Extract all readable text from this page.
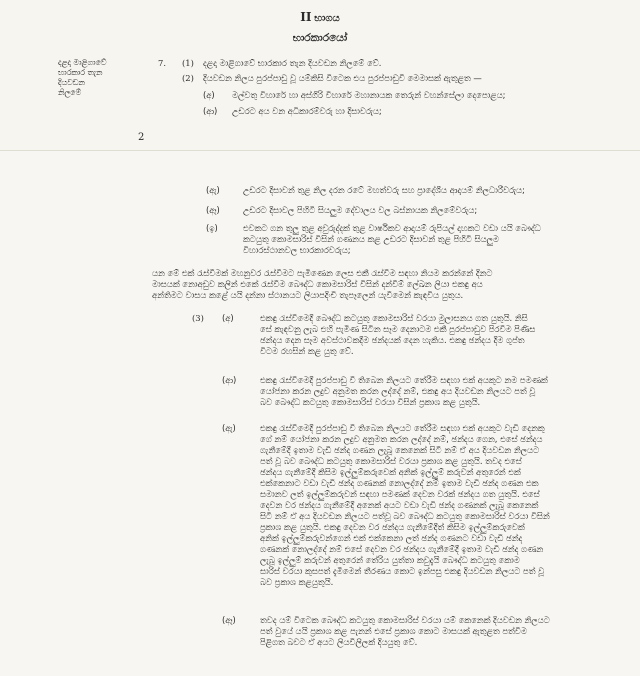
II භාගය
භාරකාරයෝ
දළදා මාළිගාවේ
භාරකාර තැන
දියවඩන
නිලමේ
7. (1) දළදා මාළිගාවේ භාරකාර තැන දියවඩන නිලමේ වේ.
(2) දියවඩන නිලය පුරප්පාඩු වූ යම්කිසි විටෙක එය පුරප්පාඩුවී මෙමාසක් ඇතුළත —
(අ) මල්වතු විහාරේ හා අස්ගිරි විහාරේ මහානායක තෙරුන් වහන්සේලා දෙපොළය;
(ආ) උඩරට අය වන අධිකාරම්වරු හා දිසාවරුය;
2
(ඇ)	උඩරට දිසාවන් තුළ නිල දරන රටේ මහත්වරු සහ ප්‍රාදේශීය ආදායම් නිලධාරීවරුය;
(ඈ)	උඩරට දිසාවල පිහිටි සියලුම දේවාලය වල බස්නායක නිලමේවරුය;
(ඉ)	එවකට ගන තුලු තුළ අවුරුද්දක් තුළ වාර්ෂිකව ආදායම් රුපියල් දාහකට වඩා යයි බෞද්ධ
කටයුතු කොමසාරිස් විසින් ගණනය කළ උඩරට දිසාවන් තුළ පිහිටි සියලුම
විහාරස්ථානවල භාරකාරවරුය;
යන මේ එක් රැස්වීමක් මහනුවර රැස්වීමට පැමිණෙන ලෙස එකී රැස්වීම සඳහා නියම කරන්නේ දිනට
මාසයක් නොඅඩුව කලින් එකේ රැස්වීම බෞද්ධ කොමසාරිස් විසින් දන්වීම් ලේඛන ලියා එකඳු අය
අන්තිමට වාසය කළේ යයි දන්නා ස්ථානයට ලියාපදිංචි තැපෑලෙන් යැවීමෙන් කැඳවිය යුතුය.
(3) (අ)	එකඳු රැස්වීමෙදී බෞද්ධ කටයුතු කොමසාරිස් වරයා මුලාසනය ගත යුතුයි. නිසි
සේ කැඳවනු ලැබ එහි පැමිණ සිටින සෑම දෙනාටම එකී පුරප්පාඩුව පිරවීම පිණිස
ඡන්දය දෙන සෑම අවස්ථාවකදීම ඡන්දයක් දෙන හැකිය. එකඳු ඡන්දය දීම ගුප්ත
විටම රහසින් කළ යුතු වේ.
(ආ)	එකඳු රැස්වීමෙදී පුරප්පාඩු වී තිබෙන නිලයට තේරීම සඳහා එක් අයකුට නම පමණක්
යෝජනා කරන ලදුව අනුමත කරන ලද්දේ නම්, එකඳු අය දියවඩන නිලයට පත් වූ
බව බෞද්ධ කටයුතු කොමසාරිස් වරයා විසින් ප්‍රකාශ කළ යුතුයි.
(ඇ)	එකඳු රැස්වීමෙදී පුරප්පාඩු වී තිබෙන නිලයට තේරීම සඳහා එක් අයකුට වැඩි දෙනකු
ගේ නම් යෝජනා කරන ලදුව අනුමත කරන ලද්දේ නම්, ඡන්දය ගෙන, එසේ ඡන්දය
ගැනීමේදී ඉතාම වැඩි ඡන්ද ගණන ලැබූ කෙනෙක් සිටී නම් ඒ අය දියවඩන නිලයට
පත් වූ බව බෞද්ධ කටයුතු කොමසාරිස් වරයා ප්‍රකාශ කළ යුතුයි. තවද එසේ
ඡන්දය ගැනීමේදී කිසිම ඉල්ලුම්කරුවෙක් අනික් ඉල්ලුම් කරුවන් අතුරෙන් එක්
එක්කෙනාට වඩා වැඩි ඡන්ද ගණනක් නොලද්දේ නම් ඉතාම වැඩි ඡන්ද ගණන එක
සමානව ලත් ඉල්ලුම්කරුවන් සඳහා පමණක් දෙවන වරක් ඡන්දය ගත යුතුයි. එසේ
දෙවන වර ඡන්දය ගැනීමේදී අනෙක් අයට වඩා වැඩි ඡන්ද ගණනක් ලැබූ කෙනෙක්
සිටී නම් ඒ අය දියවඩන නිලයට පත්වූ බව බෞද්ධ කටයුතු කොමසාරිස් වරයා විසින්
ප්‍රකාශ කළ යුතුයි. එකඳු දෙවන වර ඡන්දය ගැනීමේදීත් කිසිම ඉල්ලුම්කරුවෙක්
අනික් ඉල්ලුම්කරුවන්ගෙන් එක් එක්කෙනා ලත් ඡන්ද ගණනට වඩා වැඩි ඡන්ද
ගණනක් නොලද්දේ නම් එසේ දෙවන වර ඡන්දය ගැනීමේදී ඉතාම වැඩි ඡන්ද ගණන
ලැබූ ඉල්ලුම් කරුවන් අතුරෙන් තේරිය යුත්තා කවුදැයි බෞද්ධ කටයුතු කොම
සාරිස් වරයා කුසපත් දැමීමෙන් තීරණය කොට ඉන්පසු එකඳු දියවඩන නිලයට පත් වූ
බව ප්‍රකාශ කළයුතුයි.
(ඈ)	තවද යම් විටෙක බෞද්ධ කටයුතු කොමසාරිස් වරයා යම් කෙනෙක් දියවඩන නිලයට
පත් වුයේ යයි ප්‍රකාශ කළ පැනන් එසේ ප්‍රකාශ කොට මාසයක් ඇතුළත පත්වීම
පිළිගත බවට ඒ අයට ලියවිලිලක් දියයුතු වේ.
